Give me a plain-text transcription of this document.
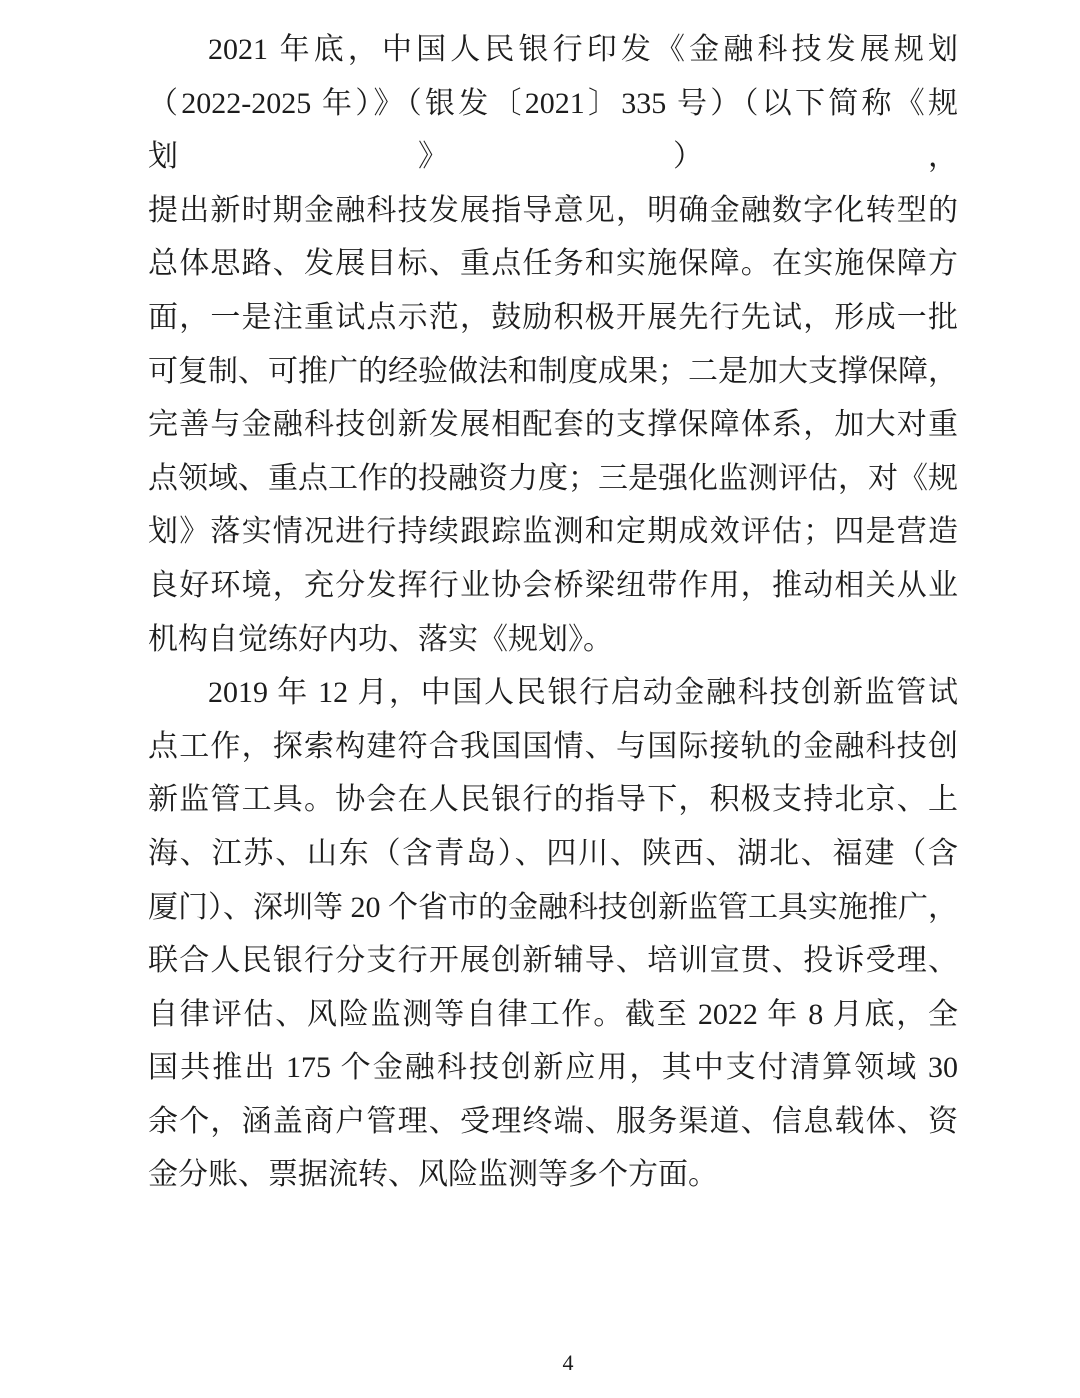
2021 年底，中国人民银行印发《金融科技发展规划
（2022-2025 年）》（银发〔2021〕335 号）（以下简称《规划》），
提出新时期金融科技发展指导意见，明确金融数字化转型的
总体思路、发展目标、重点任务和实施保障。在实施保障方
面，一是注重试点示范，鼓励积极开展先行先试，形成一批
可复制、可推广的经验做法和制度成果；二是加大支撑保障，
完善与金融科技创新发展相配套的支撑保障体系，加大对重
点领域、重点工作的投融资力度；三是强化监测评估，对《规
划》落实情况进行持续跟踪监测和定期成效评估；四是营造
良好环境，充分发挥行业协会桥梁纽带作用，推动相关从业
机构自觉练好内功、落实《规划》。
2019 年 12 月，中国人民银行启动金融科技创新监管试
点工作，探索构建符合我国国情、与国际接轨的金融科技创
新监管工具。协会在人民银行的指导下，积极支持北京、上
海、江苏、山东（含青岛）、四川、陕西、湖北、福建（含
厦门）、深圳等 20 个省市的金融科技创新监管工具实施推广，
联合人民银行分支行开展创新辅导、培训宣贯、投诉受理、
自律评估、风险监测等自律工作。截至 2022 年 8 月底，全
国共推出 175 个金融科技创新应用，其中支付清算领域 30
余个，涵盖商户管理、受理终端、服务渠道、信息载体、资
金分账、票据流转、风险监测等多个方面。
4
